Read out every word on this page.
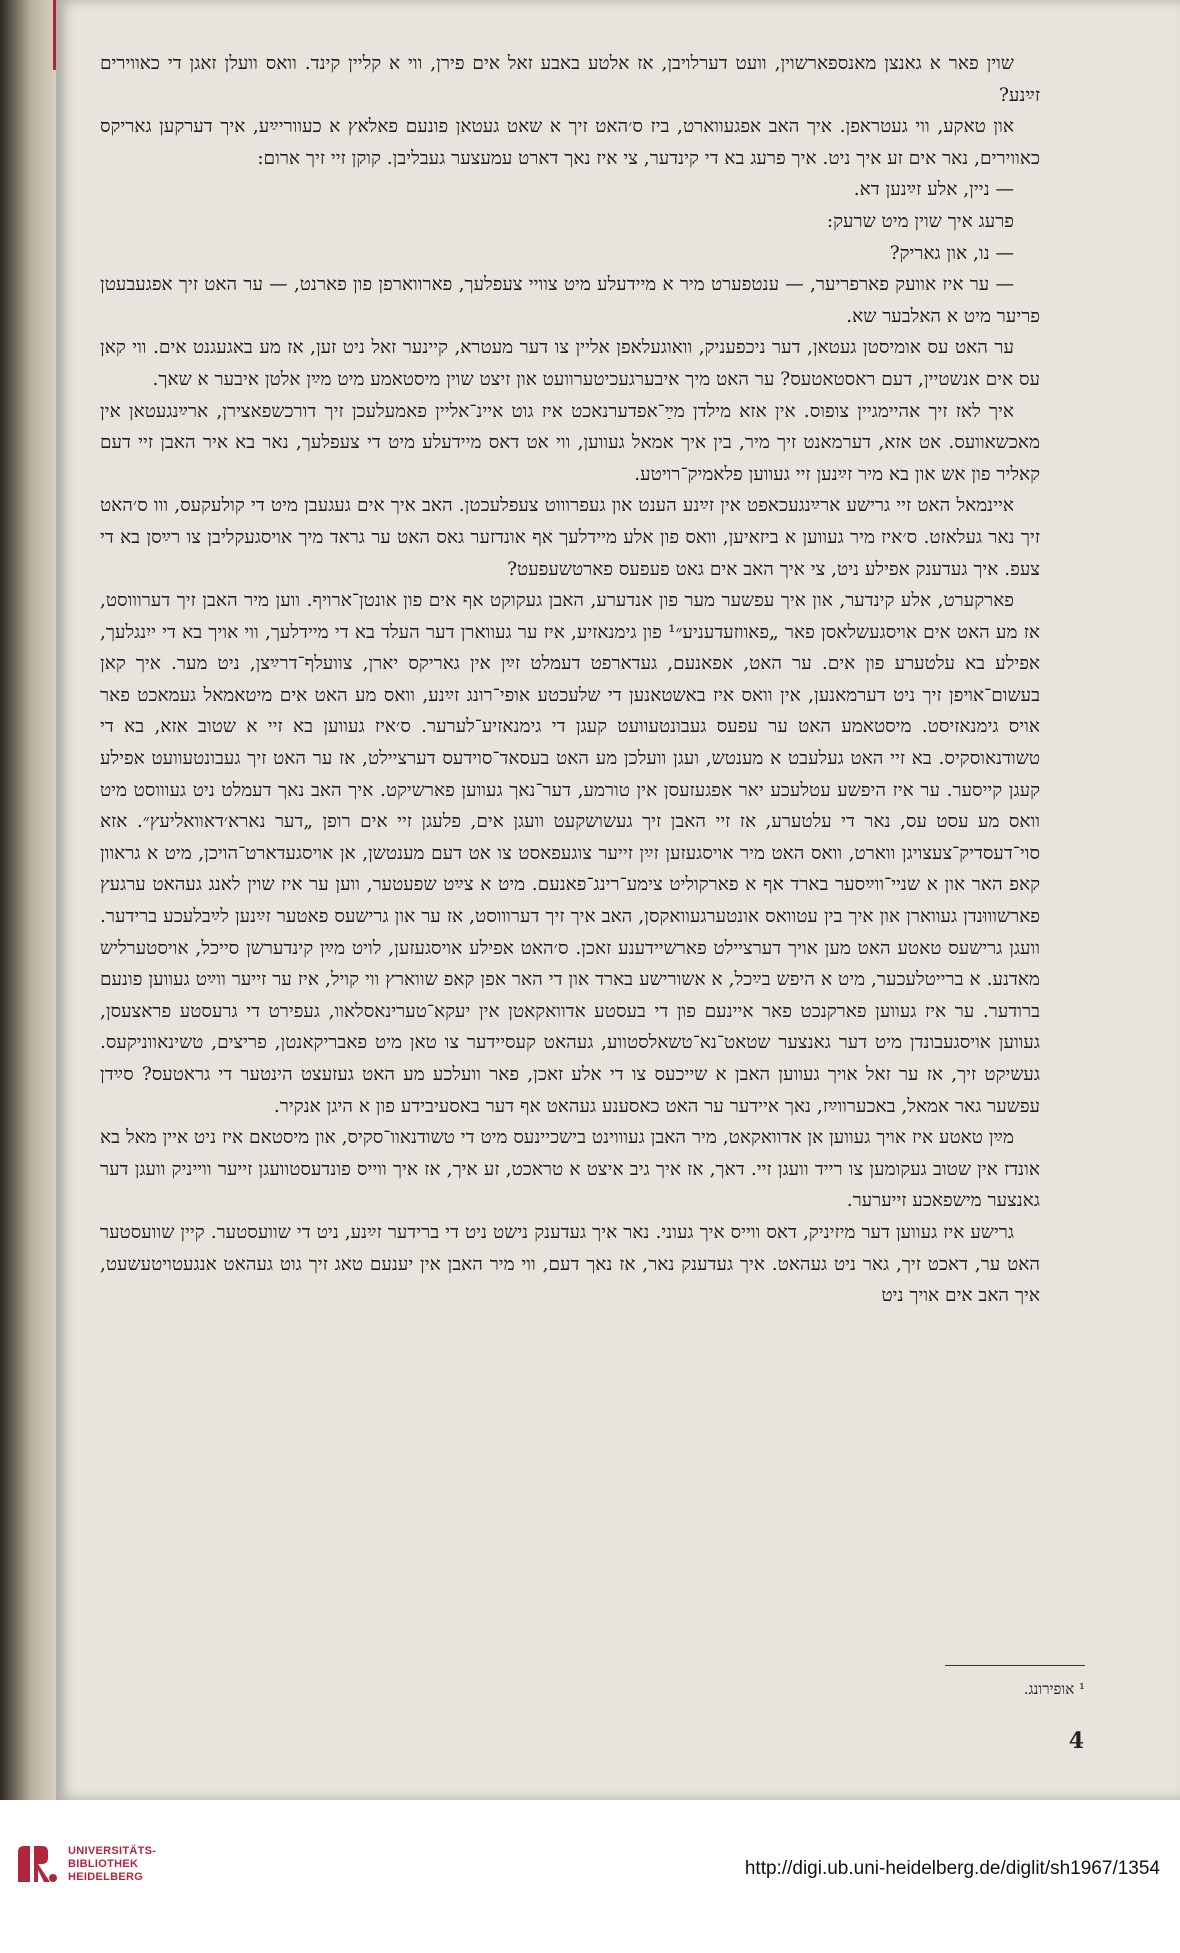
שוין פאר א גאנצן מאנספארשוין, וועט דערלויבן, אז אלטע באבע זאל אים פירן, ווי א קליין קינד. וואס וועלן זאגן די כאווירים זײַנע?

און טאקע, ווי געטראפן. איך האב אפגעווארט, ביז ס׳האט זיך א שאט געטאן פונעם פאלאץ א כעווריײַע, איך דערקען גאריקס כאווירים, נאר אים זע איך ניט. איך פרעג בא די קינדער, צי איז נאך דארט עמעצער געבליבן. קוקן זיי זיך ארום:

— ניין, אלע זײַנען דא.

פרעג איך שוין מיט שרעק:

— נו, און גאריק?

— ער איז אוועק פארפריער, — ענטפערט מיר א מיידעלע מיט צוויי צעפלעך, פארווארפן פון פארנט, — ער האט זיך אפגעבעטן פריער מיט א האלבער שא.

ער האט עס אומיסטן געטאן, דער ניכפעניק, וואוגעלאפן אליין צו דער מעטרא, קיינער זאל ניט זען, אז מע באגעגנט אים. ווי קאן עס אים אנשטיין, דעם ראסטאטעס? ער האט מיך איבערגעכיטערוועט און זיצט שוין מיסטאמע מיט מײַן אלטן איבער א שאך.

איך לאז זיך אהיימגיין צופוס. אין אזא מילדן מײַ־אפדערנאכט איז גוט איינ־אליין פאמעלעכן זיך דורכשפאצירן, ארײַנגעטאן אין מאכשאוועס. אט אזא, דערמאנט זיך מיר, בין איך אמאל געווען, ווי אט דאס מיידעלע מיט די צעפלעך, נאר בא איר האבן זיי דעם קאליר פון אש און בא מיר זײַנען זיי געווען פלאמיק־רויטע.

איינמאל האט זיי גרישע ארײַנגעכאפט אין זײַנע הענט און געפרוווט צעפלעכטן. האב איך אים געגעבן מיט די קולעקעס, ווו ס׳האט זיך נאר געלאזט. ס׳איז מיר געווען א ביזאיען, וואס פון אלע מיידלעך אף אונדזער גאס האט ער גראד מיך אויסגעקליבן צו רײַסן בא די צעפ. איך געדענק אפילע ניט, צי איך האב אים גאט פעפעס פארטשעפעט?

פארקערט, אלע קינדער, און איך עפשער מער פון אנדערע, האבן געקוקט אף אים פון אונטן־ארויף. ווען מיר האבן זיך דערוווסט, אז מע האט אים אויסגעשלאסן פאר „פאווזעדעניע״¹ פון גימנאזיע, איז ער געווארן דער העלד בא די מיידלעך, ווי אויך בא די ייִנגלעך, אפילע בא עלטערע פון אים. ער האט, אפאנעם, געדארפט דעמלט זײַן אין גאריקס יארן, צוועלף־דרײַצן, ניט מער. איך קאן בעשום־אויפן זיך ניט דערמאנען, אין וואס איז באשטאנען די שלעכטע אופי־רונג זײַנע, וואס מע האט אים מיטאמאל געמאכט פאר אויס גימנאזיסט. מיסטאמע האט ער עפעס געבונטעוועט קעגן די גימנאזיע־לערער. ס׳איז געווען בא זיי א שטוב אזא, בא די טשודנאוסקיס. בא זיי האט געלעבט א מענטש, ועגן וועלכן מע האט בעסאד־סוידעס דערציילט, אז ער האט זיך געבונטעוועט אפילע קעגן קייסער. ער איז היפשע עטלעכע יאר אפגעזעסן אין טורמע, דער־נאך געווען פארשיקט. איך האב נאך דעמלט ניט געוווסט מיט וואס מע עסט עס, נאר די עלטערע, אז זיי האבן זיך געשושקעט וועגן אים, פלעגן זיי אים רופן „דער נארא׳דאוואליעץ״. אזא סוי־דעסדיק־צעצויגן ווארט, וואס האט מיר אויסגעזען זײַן זייער צוגעפאסט צו אט דעם מענטשן, אן אויסגעדארט־הויכן, מיט א גראוון קאפ האר און א שניי־ווײַסער בארד אף א פארקוליט צימע־רינג־פאנעם. מיט א צײַט שפעטער, ווען ער איז שוין לאנג געהאט ערגעץ פארשוווּנדן געווארן און איך בין עטוואס אונטערגעוואקסן, האב איך זיך דערוווסט, אז ער און גרישעס פאטער זײַנען לײַבלעכע ברידער. וועגן גרישעס טאטע האט מען אויך דערציילט פארשיידענע זאכן. ס׳האט אפילע אויסגעזען, לויט מײַן קינדערשן סייכל, אויסטערליש מאדנע. א ברייטלעכער, מיט א היפש בײַכל, א אשורישע בארד און די האר אפן קאפ שווארץ ווי קויל, איז ער זייער ווײַט געווען פונעם ברודער. ער איז געווען פארקנכט פאר איינעם פון די בעסטע אדוואקאטן אין יעקא־טערינאסלאוו, געפירט די גרעסטע פראצעסן, געווען אויסגעבונדן מיט דער גאנצער שטאט־נא־טשאלסטווע, געהאט קעסיידער צו טאן מיט פאבריקאנטן, פריצים, טשינאווניקעס. געשיקט זיך, אז ער זאל אויך געווען האבן א שייכעס צו די אלע זאכן, פאר וועלכע מע האט געזעצט הינטער די גראטעס? סײַדן עפשער גאר אמאל, באכערווײַז, נאך איידער ער האט כאסענע געהאט אף דער באסעיבידע פון א היגן אנקיר.

מײַן טאטע איז אויך געווען אן אדוואקאט, מיר האבן געוווינט בישכיינעס מיט די טשודנאוו־סקיס, און מיסטאם איז ניט איין מאל בא אונדז אין שטוב געקומען צו רייד וועגן זיי. דאך, אז איך גיב איצט א טראכט, זע איך, אז איך ווייס פונדעסטוועגן זייער ווייניק וועגן דער גאנצער מישפאכע זייערער.

גרישע איז געווען דער מיזיניק, דאס ווייס איך געוני. נאר איך געדענק נישט ניט די ברידער זײַנע, ניט די שוועסטער. קיין שוועסטער האט ער, דאכט זיך, גאר ניט געהאט. איך געדענק נאר, אז נאך דעם, ווי מיר האבן אין יענעם טאג זיך גוט געהאט אנגעטויטעשעט, איך האב אים אויך ניט

¹ אופירונג.
4
UNIVERSITÄTS-
BIBLIOTHEK
HEIDELBERG	http://digi.ub.uni-heidelberg.de/diglit/sh1967/1354
